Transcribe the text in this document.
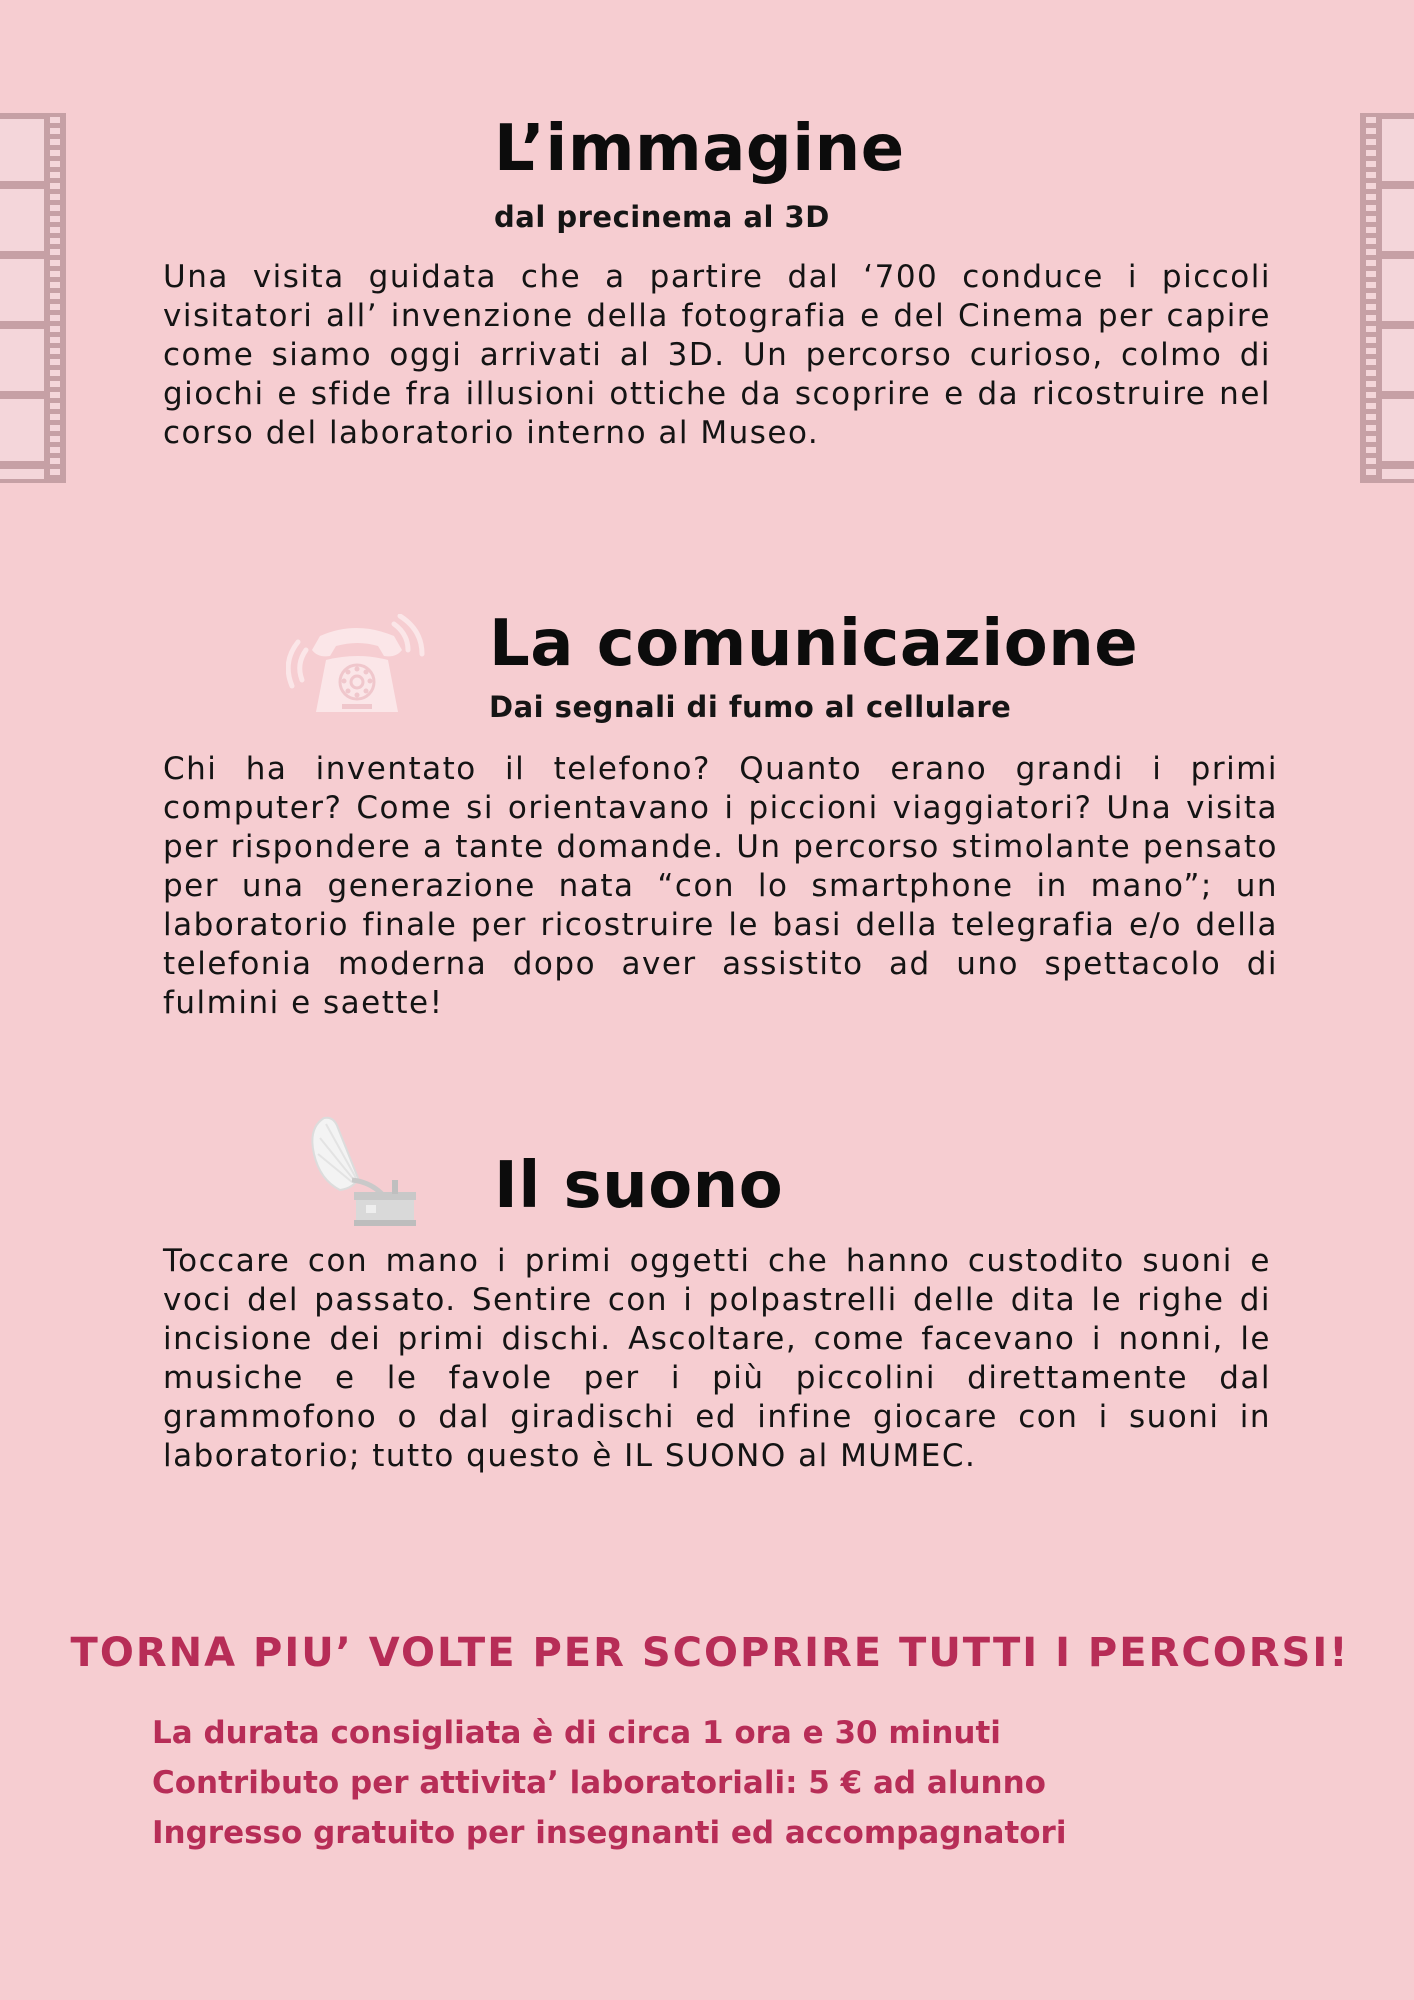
L’immagine
dal precinema al 3D

Una visita guidata che a partire dal ‘700 conduce i piccoli visitatori all’ invenzione della fotografia e del Cinema per capire come siamo oggi arrivati al 3D. Un percorso curioso, colmo di giochi e sfide fra illusioni ottiche da scoprire e da ricostruire nel corso del laboratorio interno al Museo.

La comunicazione
Dai segnali di fumo al cellulare

Chi ha inventato il telefono? Quanto erano grandi i primi computer? Come si orientavano i piccioni viaggiatori? Una visita per rispondere a tante domande. Un percorso stimolante pensato per una generazione nata “con lo smartphone in mano”; un laboratorio finale per ricostruire le basi della telegrafia e/o della telefonia moderna dopo aver assistito ad uno spettacolo di fulmini e saette!

Il suono

Toccare con mano i primi oggetti che hanno custodito suoni e voci del passato. Sentire con i polpastrelli delle dita le righe di incisione dei primi dischi. Ascoltare, come facevano i nonni, le musiche e le favole per i più piccolini direttamente dal grammofono o dal giradischi ed infine giocare con i suoni in laboratorio; tutto questo è IL SUONO al MUMEC.

TORNA PIU’ VOLTE PER SCOPRIRE TUTTI I PERCORSI!

La durata consigliata è di circa 1 ora e 30 minuti

Contributo per attivita’ laboratoriali: 5 € ad alunno

Ingresso gratuito per insegnanti ed accompagnatori
